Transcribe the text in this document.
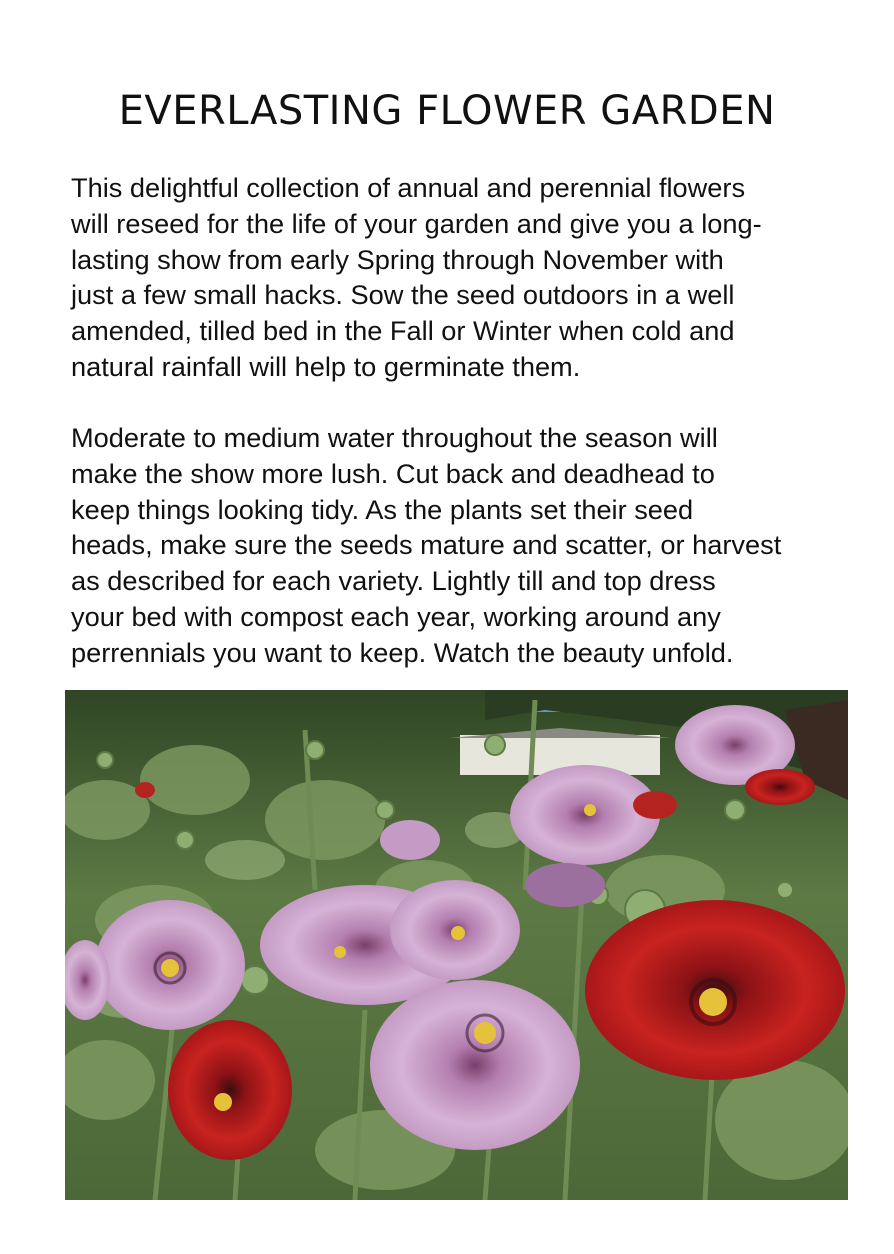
EVERLASTING FLOWER GARDEN
This delightful collection of annual and perennial flowers
will reseed for the life of your garden and give you a long-
lasting show from early Spring through November with
just a few small hacks. Sow the seed outdoors in a well
amended, tilled bed in the Fall or Winter when cold and
natural rainfall will help to germinate them.
Moderate to medium water throughout the season will
make the show more lush. Cut back and deadhead to
keep things looking tidy. As the plants set their seed
heads, make sure the seeds mature and scatter, or harvest
as described for each variety. Lightly till and top dress
your bed with compost each year, working around any
perrennials you want to keep. Watch the beauty unfold.
